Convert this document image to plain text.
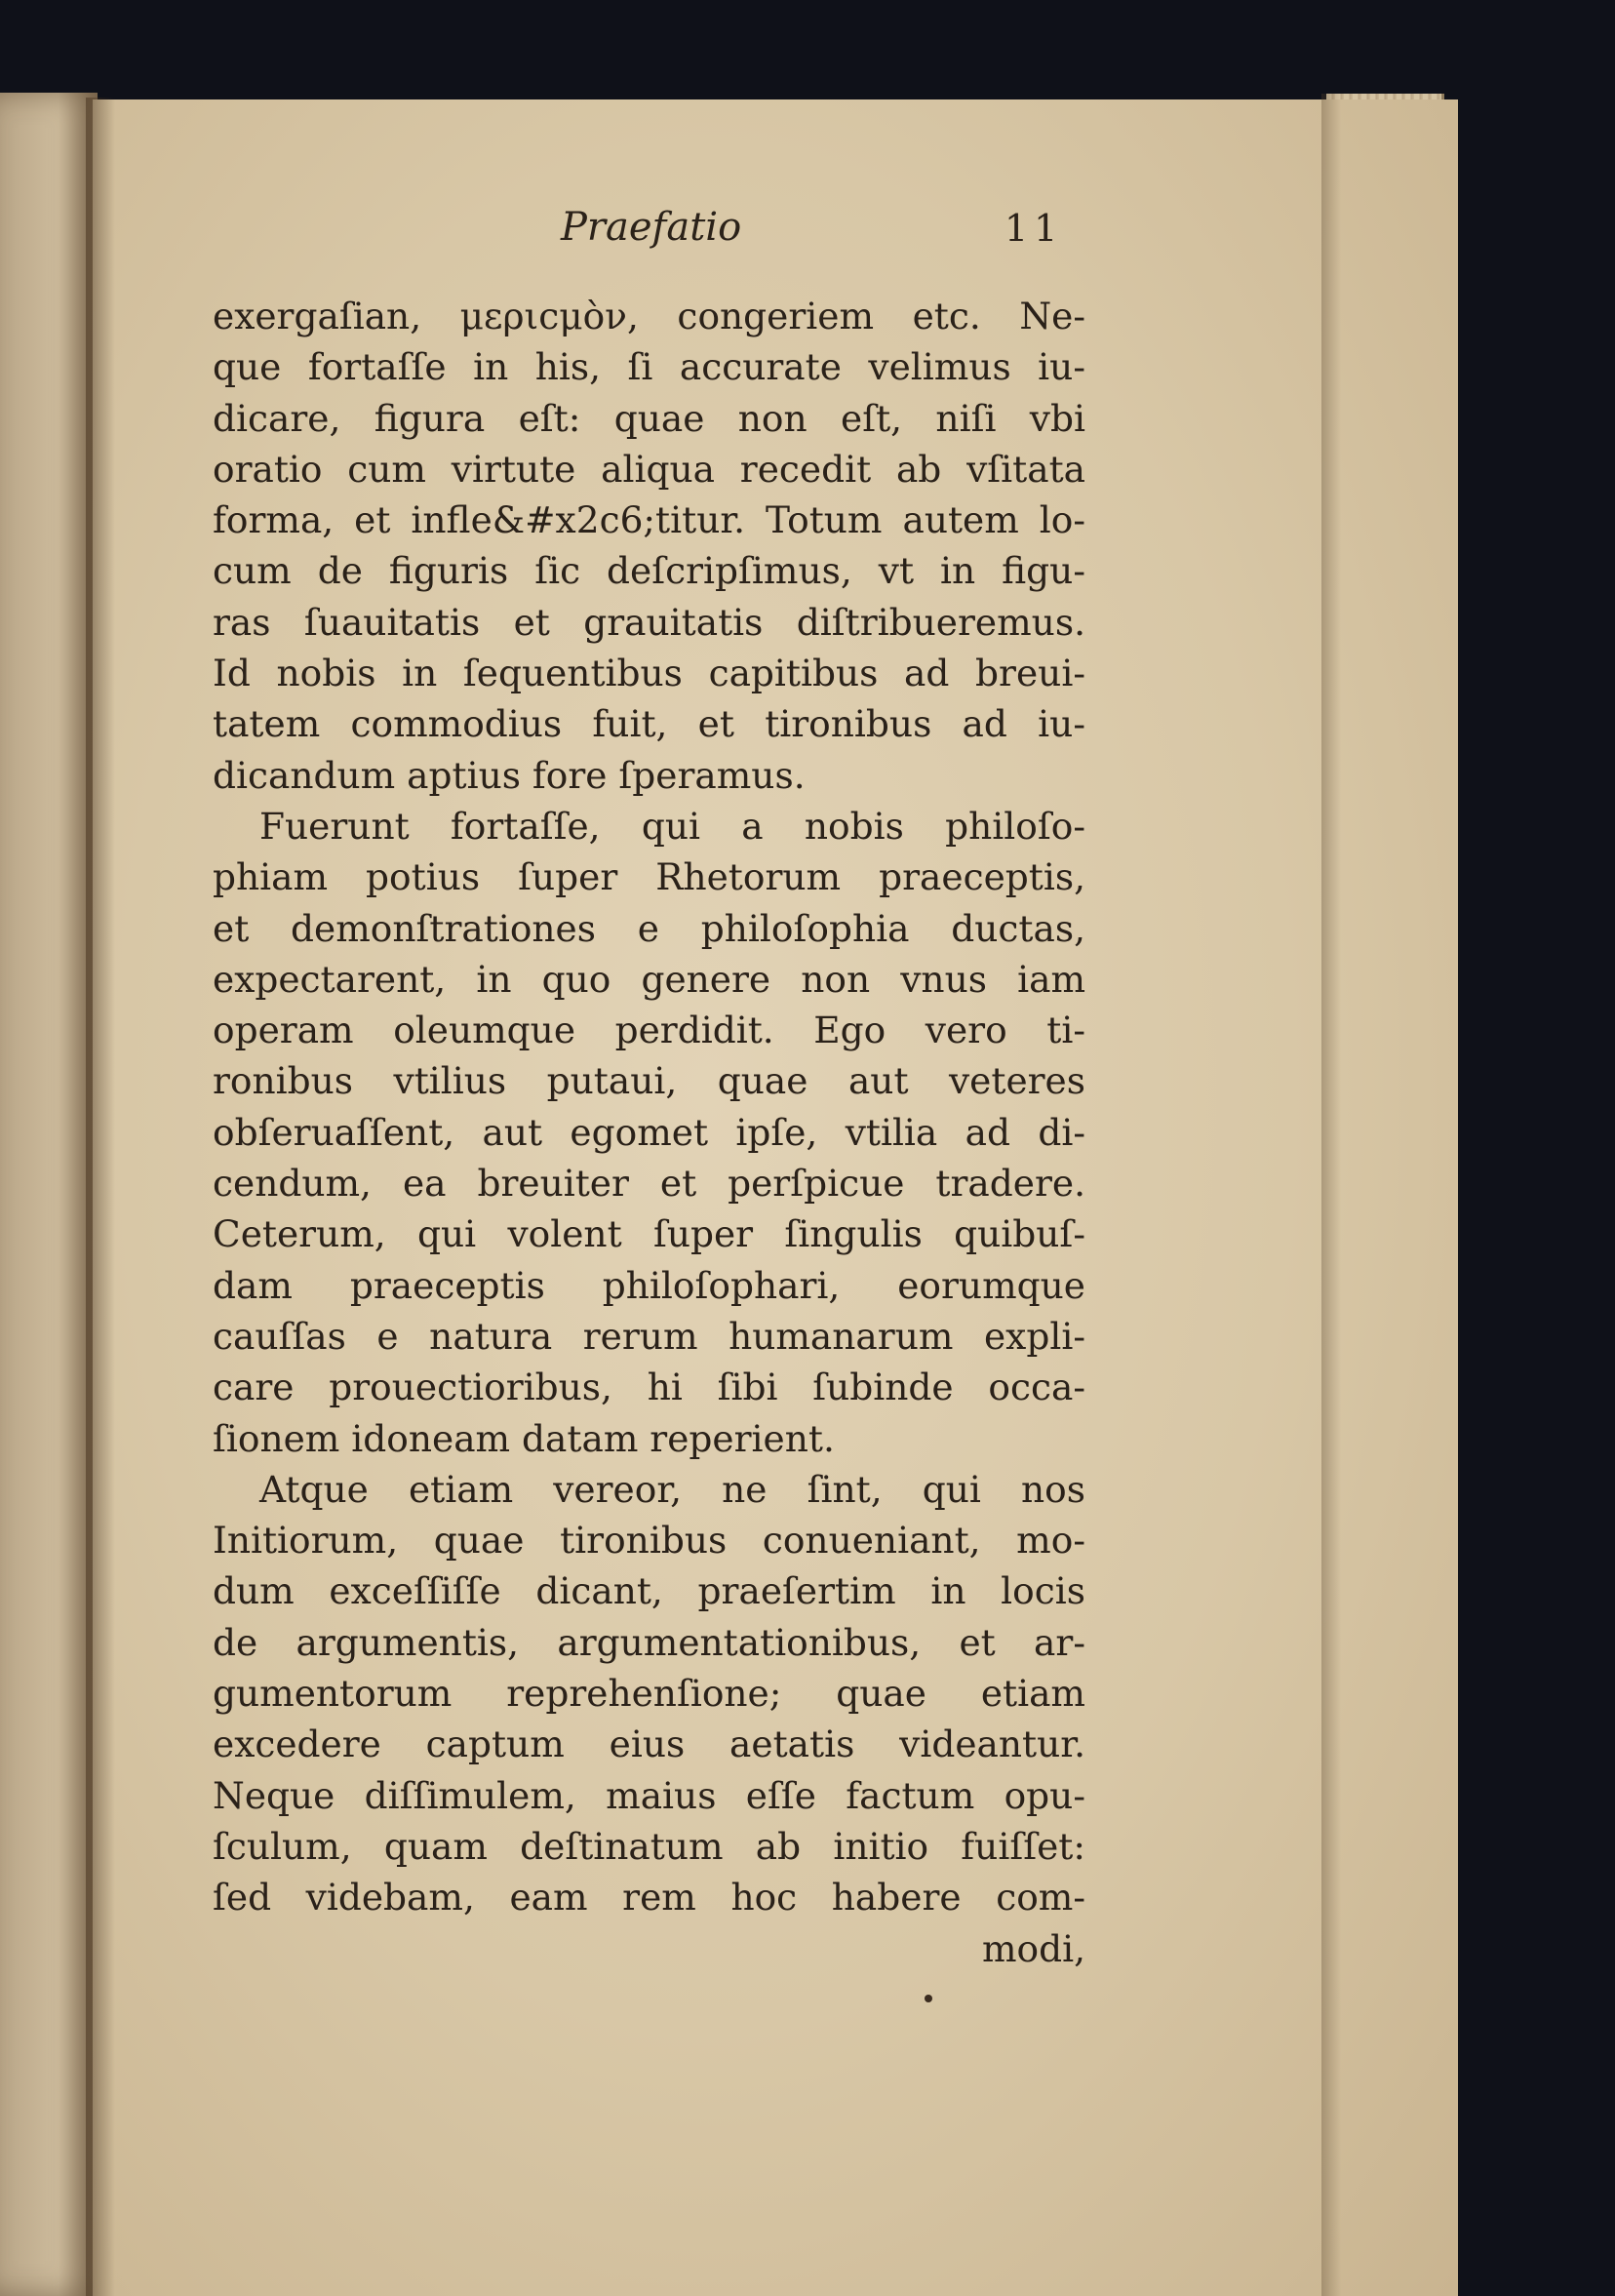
Praefatio	11
exergaſian, μεριϲμὸν, congeriem etc. Ne-
que fortaſſe in his, ſi accurate velimus iu-
dicare, figura eſt: quae non eſt, niſi vbi
oratio cum virtute aliqua recedit ab vſitata
forma, et infle&#x2c6;titur. Totum autem lo-
cum de figuris ſic deſcripſimus, vt in figu-
ras ſuauitatis et grauitatis diſtribueremus.
Id nobis in ſequentibus capitibus ad breui-
tatem commodius fuit, et tironibus ad iu-
dicandum aptius fore ſperamus.
Fuerunt fortaſſe, qui a nobis philoſo-
phiam potius ſuper Rhetorum praeceptis,
et demonſtrationes e philoſophia ductas,
expectarent, in quo genere non vnus iam
operam oleumque perdidit. Ego vero ti-
ronibus vtilius putaui, quae aut veteres
obſeruaſſent, aut egomet ipſe, vtilia ad di-
cendum, ea breuiter et perſpicue tradere.
Ceterum, qui volent ſuper ſingulis quibuſ-
dam praeceptis philoſophari, eorumque
cauſſas e natura rerum humanarum expli-
care prouectioribus, hi ſibi ſubinde occa-
ſionem idoneam datam reperient.
Atque etiam vereor, ne ſint, qui nos
Initiorum, quae tironibus conueniant, mo-
dum exceſſiſſe dicant, praeſertim in locis
de argumentis, argumentationibus, et ar-
gumentorum reprehenſione; quae etiam
excedere captum eius aetatis videantur.
Neque diſſimulem, maius eſſe factum opu-
ſculum, quam deſtinatum ab initio fuiſſet:
ſed videbam, eam rem hoc habere com-
modi,
